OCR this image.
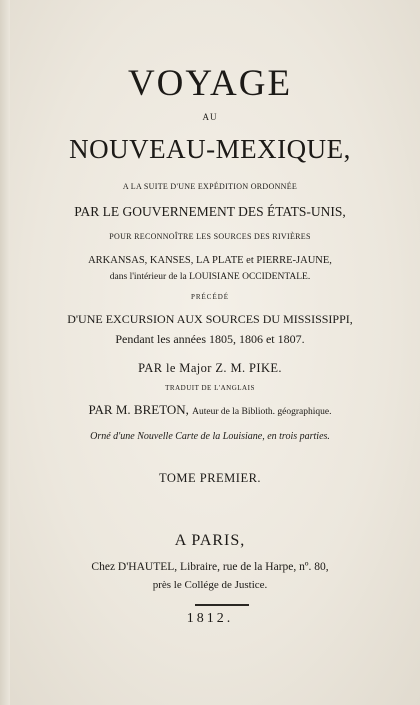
VOYAGE
AU
NOUVEAU-MEXIQUE,
A LA SUITE D'UNE EXPÉDITION ORDONNÉE
PAR LE GOUVERNEMENT DES ÉTATS-UNIS,
POUR RECONNOÎTRE LES SOURCES DES RIVIÈRES
ARKANSAS, KANSES, LA PLATE et PIERRE-JAUNE,
dans l'intérieur de la LOUISIANE OCCIDENTALE.
PRÉCÉDÉ
D'UNE EXCURSION AUX SOURCES DU MISSISSIPPI,
Pendant les années 1805, 1806 et 1807.
PAR le Major Z. M. PIKE.
TRADUIT DE L'ANGLAIS
PAR M. BRETON, Auteur de la Biblioth. géographique.
Orné d'une Nouvelle Carte de la Louisiane, en trois parties.
TOME PREMIER.
A PARIS,
Chez D'HAUTEL, Libraire, rue de la Harpe, nº. 80,
près le Collége de Justice.
1812.
